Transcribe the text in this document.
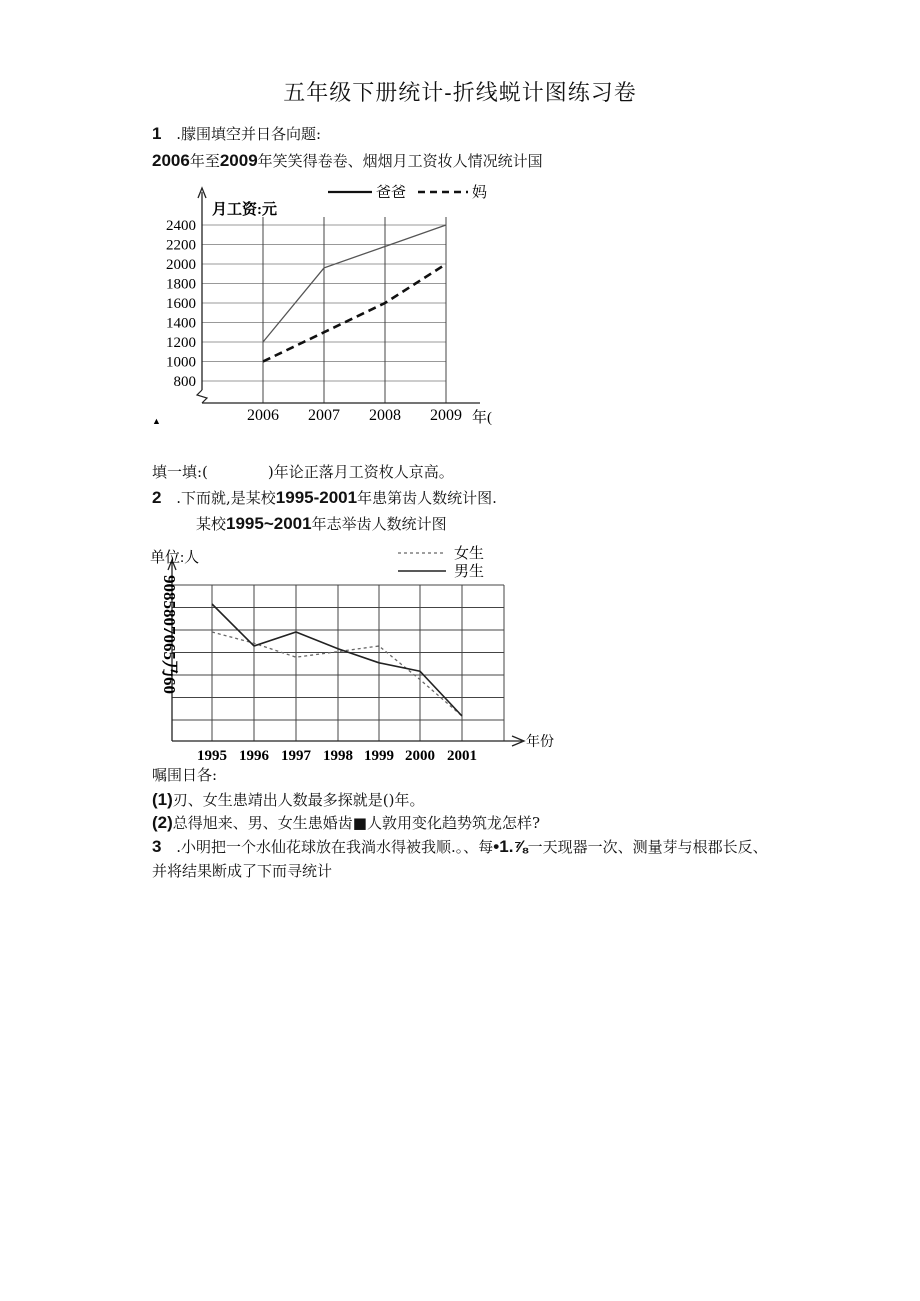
五年级下册统计-折线蜕计图练习卷
1 .朦围填空并日各向题:
2006年至2009年笑笑得卷卷、烟烟月工资妆人情况统计国
2400
2200
2000
1800
1600
1400
1200
1000
800
月工资:元
2006 2007 2008 2009 年(
▲
爸爸	妈
填一填:(	)年论正落月工资枚人京高。
2 .下而就,是某校1995-2001年患第齿人数统计图.
某校1995~2001年志举齿人数统计图
单位:人
年份
9085807065乃60
1995 1996 1997 1998 1999 2000 2001
女生
男生
嘱围日各:
(1)刃、女生患靖出人数最多探就是()年。
(2)总得旭来、男、女生患婚齿■人敦用变化趋势筑龙怎样?
3 .小明把一个水仙花球放在我淌水得被我顺.。、每•1.⅞一天现器一次、测量芽与根郡长反、
并将结果断成了下而寻统计
